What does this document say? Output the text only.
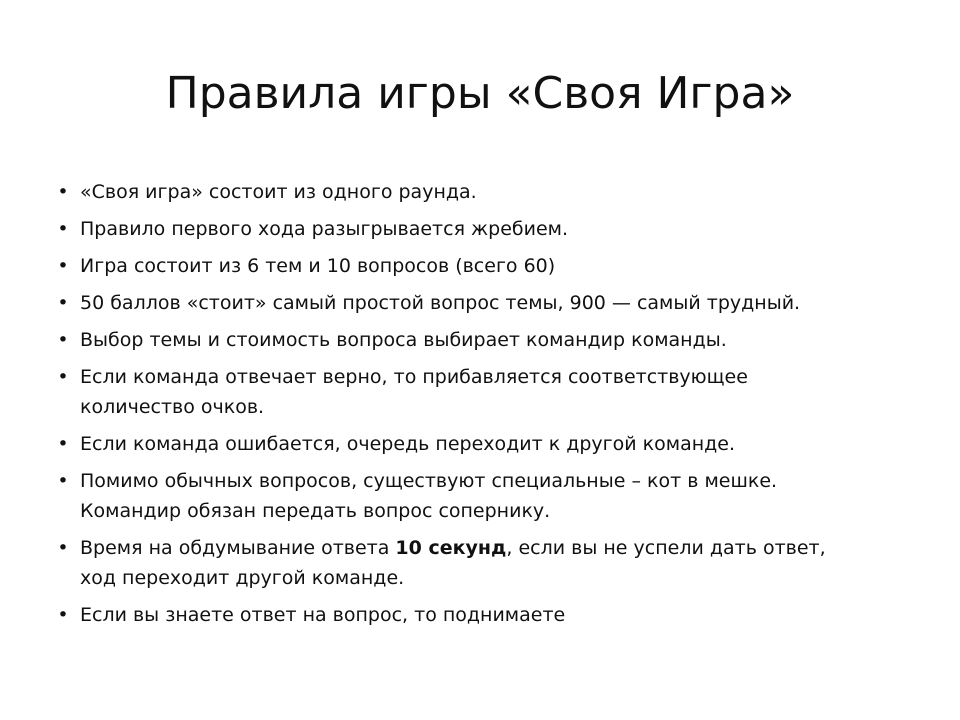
Правила игры «Своя Игра»
• «Своя игра» состоит из одного раунда.
• Правило первого хода разыгрывается жребием.
• Игра состоит из 6 тем и 10 вопросов (всего 60)
• 50 баллов «стоит» самый простой вопрос темы, 900 — самый трудный.
• Выбор темы и стоимость вопроса выбирает командир команды.
• Если команда отвечает верно, то прибавляется соответствующее
количество очков.
• Если команда ошибается, очередь переходит к другой команде.
• Помимо обычных вопросов, существуют специальные – кот в мешке.
Командир обязан передать вопрос сопернику.
• Время на обдумывание ответа 10 секунд, если вы не успели дать ответ,
ход переходит другой команде.
• Если вы знаете ответ на вопрос, то поднимаете
